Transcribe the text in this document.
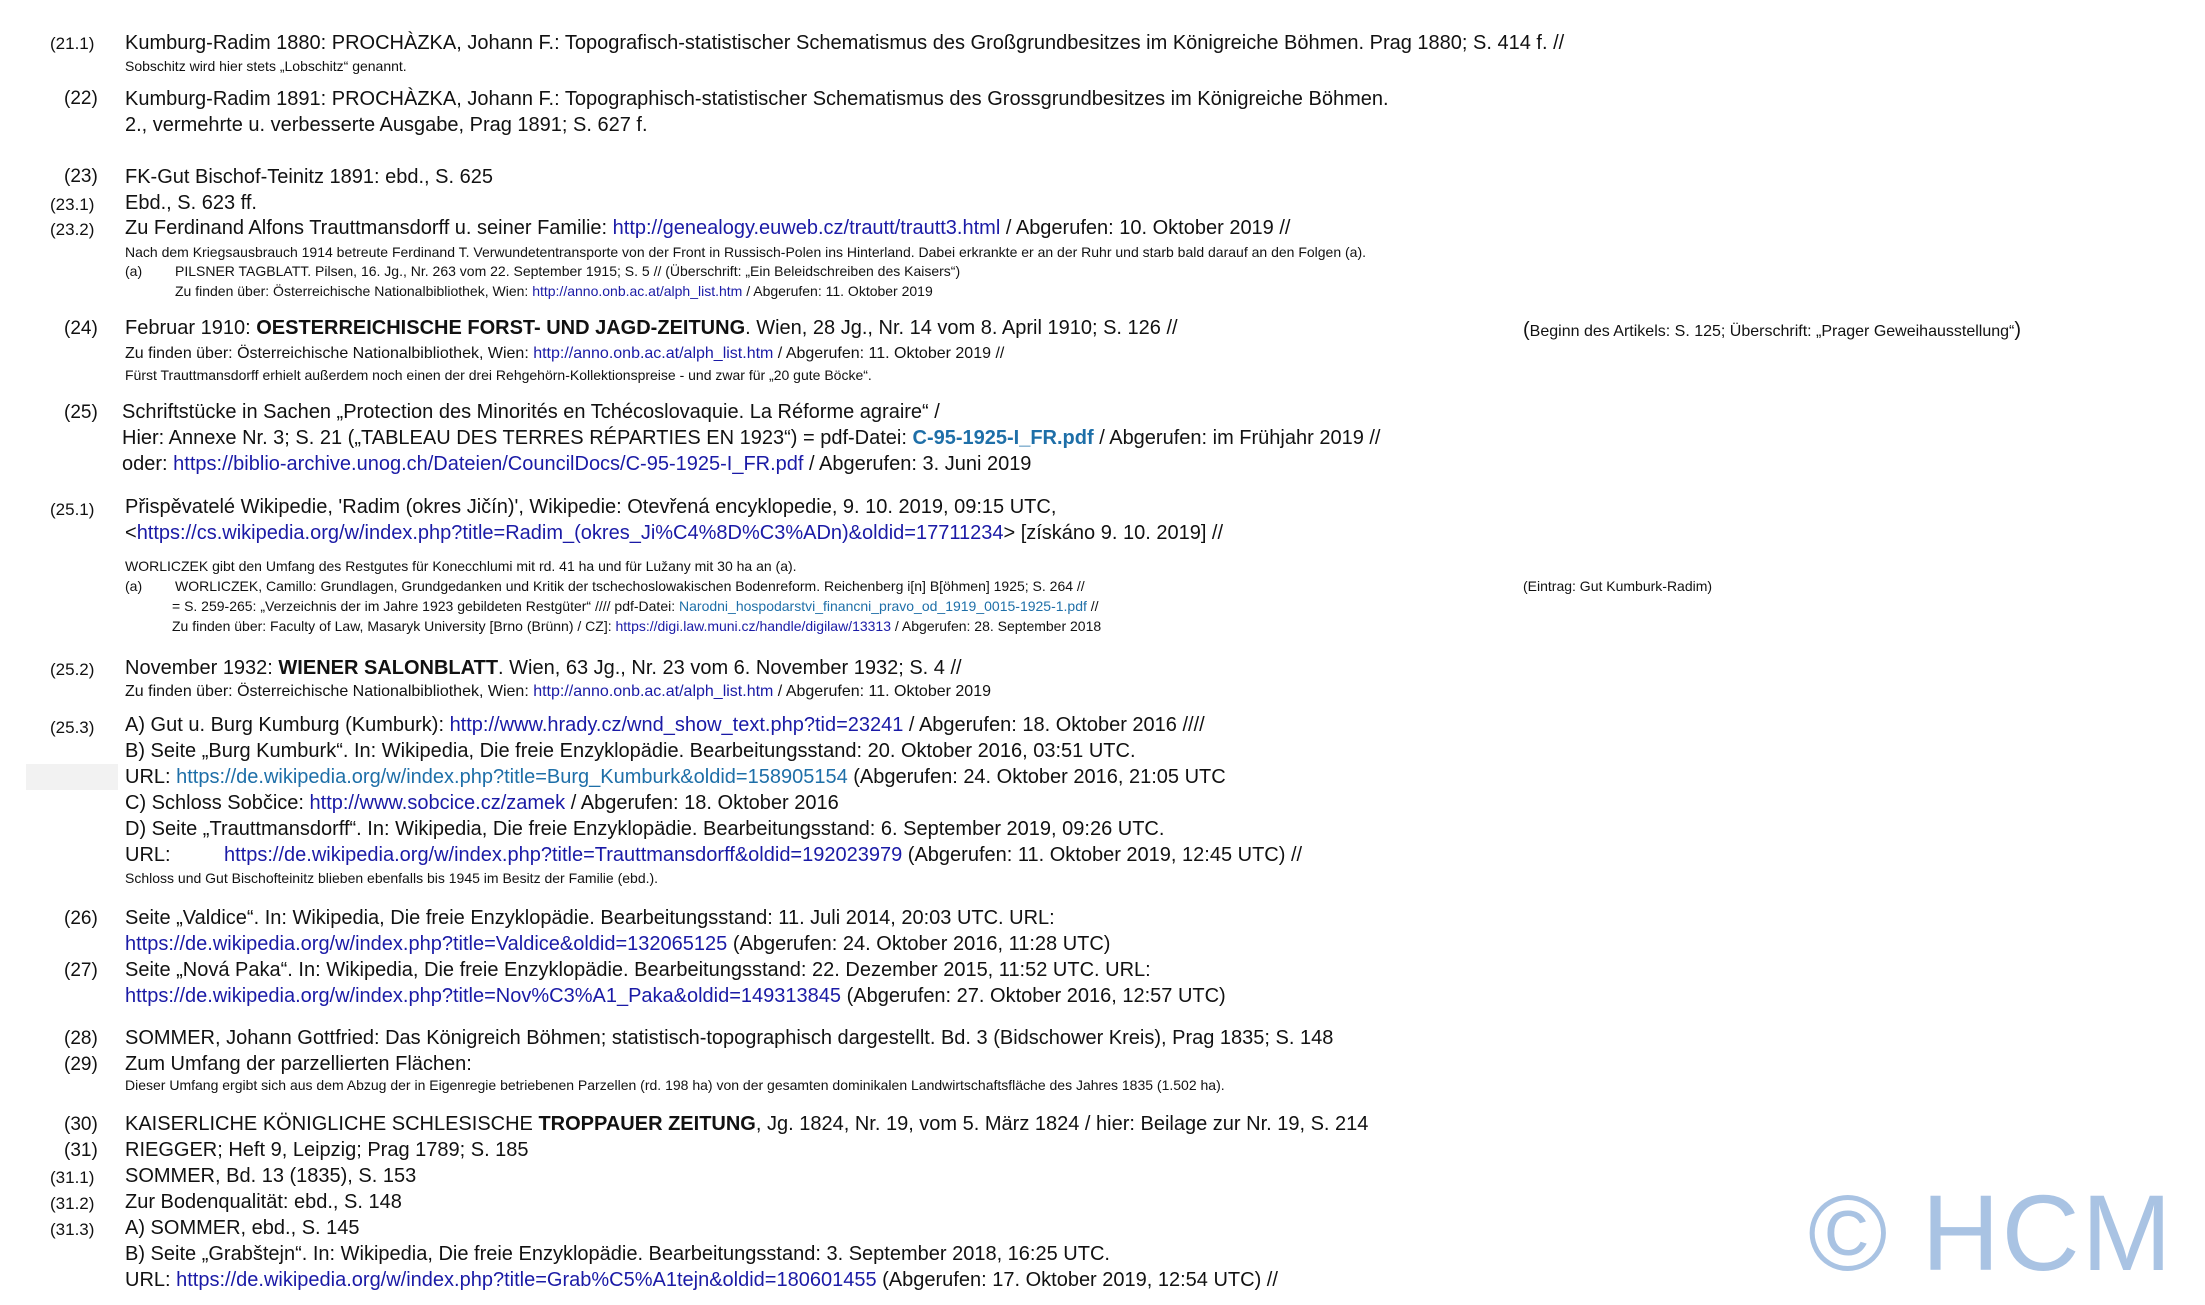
(21.1) Kumburg-Radim 1880: PROCHÀZKA, Johann F.: Topografisch-statistischer Schematismus des Großgrundbesitzes im Königreiche Böhmen. Prag 1880; S. 414 f. //
Sobschitz wird hier stets „Lobschitz“ genannt.
(22) Kumburg-Radim 1891: PROCHÀZKA, Johann F.: Topographisch-statistischer Schematismus des Grossgrundbesitzes im Königreiche Böhmen.
2., vermehrte u. verbesserte Ausgabe, Prag 1891; S. 627 f.
(23) FK-Gut Bischof-Teinitz 1891: ebd., S. 625
(23.1) Ebd., S. 623 ff.
(23.2) Zu Ferdinand Alfons Trauttmansdorff u. seiner Familie: http://genealogy.euweb.cz/trautt/trautt3.html / Abgerufen: 10. Oktober 2019 //
Nach dem Kriegsausbrauch 1914 betreute Ferdinand T. Verwundetentransporte von der Front in Russisch-Polen ins Hinterland. Dabei erkrankte er an der Ruhr und starb bald darauf an den Folgen (a).
(a) PILSNER TAGBLATT. Pilsen, 16. Jg., Nr. 263 vom 22. September 1915; S. 5 // (Überschrift: „Ein Beleidschreiben des Kaisers“)
Zu finden über: Österreichische Nationalbibliothek, Wien: http://anno.onb.ac.at/alph_list.htm / Abgerufen: 11. Oktober 2019
(24) Februar 1910: OESTERREICHISCHE FORST- UND JAGD-ZEITUNG. Wien, 28 Jg., Nr. 14 vom 8. April 1910; S. 126 //	(Beginn des Artikels: S. 125; Überschrift: „Prager Geweihausstellung“)
Zu finden über: Österreichische Nationalbibliothek, Wien: http://anno.onb.ac.at/alph_list.htm / Abgerufen: 11. Oktober 2019 //
Fürst Trauttmansdorff erhielt außerdem noch einen der drei Rehgehörn-Kollektionspreise - und zwar für „20 gute Böcke“.
(25) Schriftstücke in Sachen „Protection des Minorités en Tchécoslovaquie. La Réforme agraire“ /
Hier: Annexe Nr. 3; S. 21 („TABLEAU DES TERRES RÉPARTIES EN 1923“) = pdf-Datei: C-95-1925-I_FR.pdf / Abgerufen: im Frühjahr 2019 //
oder: https://biblio-archive.unog.ch/Dateien/CouncilDocs/C-95-1925-I_FR.pdf / Abgerufen: 3. Juni 2019
(25.1) Přispěvatelé Wikipedie, 'Radim (okres Jičín)', Wikipedie: Otevřená encyklopedie, 9. 10. 2019, 09:15 UTC,
<https://cs.wikipedia.org/w/index.php?title=Radim_(okres_Ji%C4%8D%C3%ADn)&oldid=17711234> [získáno 9. 10. 2019] //
WORLICZEK gibt den Umfang des Restgutes für Konecchlumi mit rd. 41 ha und für Lužany mit 30 ha an (a).
(a) WORLICZEK, Camillo: Grundlagen, Grundgedanken und Kritik der tschechoslowakischen Bodenreform. Reichenberg i[n] B[öhmen] 1925; S. 264 //	(Eintrag: Gut Kumburk-Radim)
= S. 259-265: „Verzeichnis der im Jahre 1923 gebildeten Restgüter“ //// pdf-Datei: Narodni_hospodarstvi_financni_pravo_od_1919_0015-1925-1.pdf //
Zu finden über: Faculty of Law, Masaryk University [Brno (Brünn) / CZ]: https://digi.law.muni.cz/handle/digilaw/13313 / Abgerufen: 28. September 2018
(25.2) November 1932: WIENER SALONBLATT. Wien, 63 Jg., Nr. 23 vom 6. November 1932; S. 4 //
Zu finden über: Österreichische Nationalbibliothek, Wien: http://anno.onb.ac.at/alph_list.htm / Abgerufen: 11. Oktober 2019
(25.3) A) Gut u. Burg Kumburg (Kumburk): http://www.hrady.cz/wnd_show_text.php?tid=23241 / Abgerufen: 18. Oktober 2016 ////
B) Seite „Burg Kumburk“. In: Wikipedia, Die freie Enzyklopädie. Bearbeitungsstand: 20. Oktober 2016, 03:51 UTC.
URL: https://de.wikipedia.org/w/index.php?title=Burg_Kumburk&oldid=158905154 (Abgerufen: 24. Oktober 2016, 21:05 UTC
C) Schloss Sobčice: http://www.sobcice.cz/zamek / Abgerufen: 18. Oktober 2016
D) Seite „Trauttmansdorff“. In: Wikipedia, Die freie Enzyklopädie. Bearbeitungsstand: 6. September 2019, 09:26 UTC.
URL:	https://de.wikipedia.org/w/index.php?title=Trauttmansdorff&oldid=192023979 (Abgerufen: 11. Oktober 2019, 12:45 UTC) //
Schloss und Gut Bischofteinitz blieben ebenfalls bis 1945 im Besitz der Familie (ebd.).
(26) Seite „Valdice“. In: Wikipedia, Die freie Enzyklopädie. Bearbeitungsstand: 11. Juli 2014, 20:03 UTC. URL:
https://de.wikipedia.org/w/index.php?title=Valdice&oldid=132065125 (Abgerufen: 24. Oktober 2016, 11:28 UTC)
(27) Seite „Nová Paka“. In: Wikipedia, Die freie Enzyklopädie. Bearbeitungsstand: 22. Dezember 2015, 11:52 UTC. URL:
https://de.wikipedia.org/w/index.php?title=Nov%C3%A1_Paka&oldid=149313845 (Abgerufen: 27. Oktober 2016, 12:57 UTC)
(28) SOMMER, Johann Gottfried: Das Königreich Böhmen; statistisch-topographisch dargestellt. Bd. 3 (Bidschower Kreis), Prag 1835; S. 148
(29) Zum Umfang der parzellierten Flächen:
Dieser Umfang ergibt sich aus dem Abzug der in Eigenregie betriebenen Parzellen (rd. 198 ha) von der gesamten dominikalen Landwirtschaftsfläche des Jahres 1835 (1.502 ha).
(30) KAISERLICHE KÖNIGLICHE SCHLESISCHE TROPPAUER ZEITUNG, Jg. 1824, Nr. 19, vom 5. März 1824 / hier: Beilage zur Nr. 19, S. 214
(31) RIEGGER; Heft 9, Leipzig; Prag 1789; S. 185
(31.1) SOMMER, Bd. 13 (1835), S. 153
(31.2) Zur Bodenqualität: ebd., S. 148
(31.3) A) SOMMER, ebd., S. 145
B) Seite „Grabštejn“. In: Wikipedia, Die freie Enzyklopädie. Bearbeitungsstand: 3. September 2018, 16:25 UTC.
URL: https://de.wikipedia.org/w/index.php?title=Grab%C5%A1tejn&oldid=180601455 (Abgerufen: 17. Oktober 2019, 12:54 UTC) //	© HCM
